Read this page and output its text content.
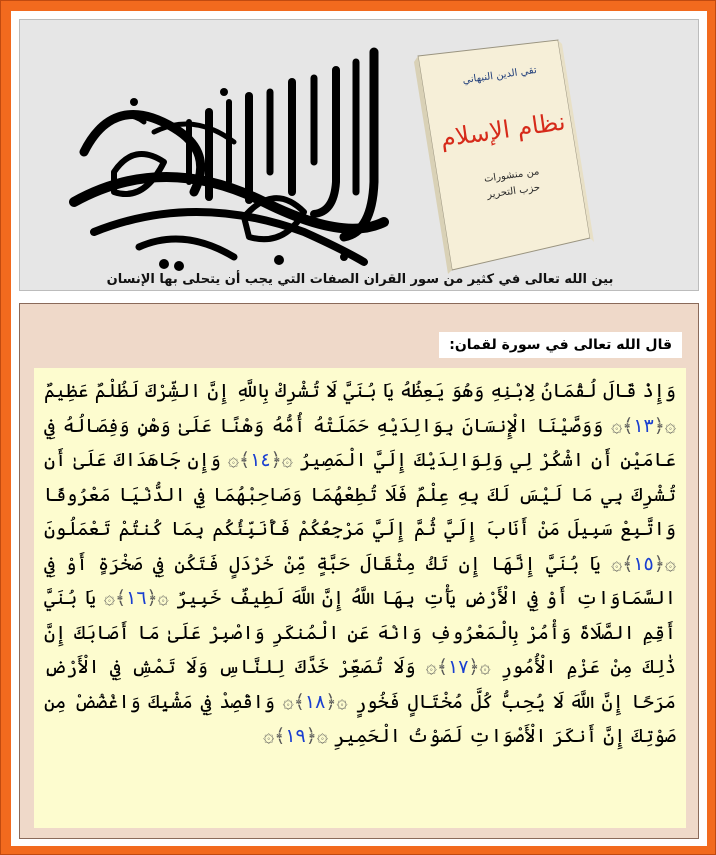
تقي الدين النبهاني
نظام الإسلام
من منشورات
حزب التحرير
بين الله تعالى في كثير من سور القران الصفات التي يجب أن يتحلى بها الإنسان
قال الله تعالى في سورة لقمان:
وَإِذْ قَالَ لُقْمَانُ لِابْنِهِ وَهُوَ يَعِظُهُ يَا بُنَيَّ لَا تُشْرِكْ بِاللَّهِ إِنَّ الشِّرْكَ لَظُلْمٌ عَظِيمٌ ۞﴿١٣﴾۞ وَوَصَّيْنَا الْإِنسَانَ بِوَالِدَيْهِ حَمَلَتْهُ أُمُّهُ وَهْنًا عَلَىٰ وَهْنٍ وَفِصَالُهُ فِي عَامَيْنِ أَنِ اشْكُرْ لِي وَلِوَالِدَيْكَ إِلَيَّ الْمَصِيرُ ۞﴿١٤﴾۞ وَإِن جَاهَدَاكَ عَلَىٰ أَن تُشْرِكَ بِي مَا لَيْسَ لَكَ بِهِ عِلْمٌ فَلَا تُطِعْهُمَا وَصَاحِبْهُمَا فِي الدُّنْيَا مَعْرُوفًا وَاتَّبِعْ سَبِيلَ مَنْ أَنَابَ إِلَيَّ ثُمَّ إِلَيَّ مَرْجِعُكُمْ فَأُنَبِّئُكُم بِمَا كُنتُمْ تَعْمَلُونَ ۞﴿١٥﴾۞ يَا بُنَيَّ إِنَّهَا إِن تَكُ مِثْقَالَ حَبَّةٍ مِّنْ خَرْدَلٍ فَتَكُن فِي صَخْرَةٍ أَوْ فِي السَّمَاوَاتِ أَوْ فِي الْأَرْضِ يَأْتِ بِهَا اللَّهُ إِنَّ اللَّهَ لَطِيفٌ خَبِيرٌ ۞﴿١٦﴾۞ يَا بُنَيَّ أَقِمِ الصَّلَاةَ وَأْمُرْ بِالْمَعْرُوفِ وَانْهَ عَنِ الْمُنكَرِ وَاصْبِرْ عَلَىٰ مَا أَصَابَكَ إِنَّ ذَٰلِكَ مِنْ عَزْمِ الْأُمُورِ ۞﴿١٧﴾۞ وَلَا تُصَعِّرْ خَدَّكَ لِلنَّاسِ وَلَا تَمْشِ فِي الْأَرْضِ مَرَحًا إِنَّ اللَّهَ لَا يُحِبُّ كُلَّ مُخْتَالٍ فَخُورٍ ۞﴿١٨﴾۞ وَاقْصِدْ فِي مَشْيِكَ وَاغْضُضْ مِن صَوْتِكَ إِنَّ أَنكَرَ الْأَصْوَاتِ لَصَوْتُ الْحَمِيرِ ۞﴿١٩﴾۞
